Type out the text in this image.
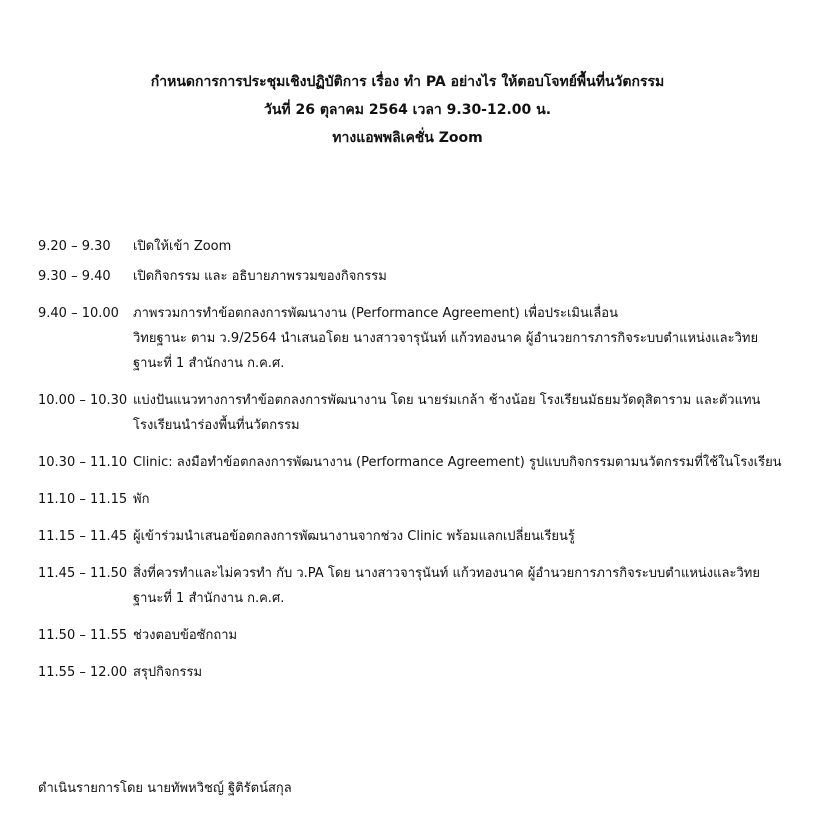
กำหนดการการประชุมเชิงปฏิบัติการ เรื่อง ทำ PA อย่างไร ให้ตอบโจทย์พื้นที่นวัตกรรม
วันที่ 26 ตุลาคม 2564 เวลา 9.30-12.00 น.
ทางแอพพลิเคชั่น Zoom
9.20 – 9.30	เปิดให้เข้า Zoom
9.30 – 9.40	เปิดกิจกรรม และ อธิบายภาพรวมของกิจกรรม
9.40 – 10.00	ภาพรวมการทำข้อตกลงการพัฒนางาน (Performance Agreement) เพื่อประเมินเลื่อน
วิทยฐานะ ตาม ว.9/2564 นำเสนอโดย นางสาวจารุนันท์ แก้วทองนาค ผู้อำนวยการภารกิจระบบตำแหน่งและวิทย
ฐานะที่ 1 สำนักงาน ก.ค.ศ.
10.00 – 10.30 แบ่งปันแนวทางการทำข้อตกลงการพัฒนางาน โดย นายร่มเกล้า ช้างน้อย โรงเรียนมัธยมวัดดุสิตาราม และตัวแทน
โรงเรียนนำร่องพื้นที่นวัตกรรม
10.30 – 11.10 Clinic: ลงมือทำข้อตกลงการพัฒนางาน (Performance Agreement) รูปแบบกิจกรรมตามนวัตกรรมที่ใช้ในโรงเรียน
11.10 – 11.15 พัก
11.15 – 11.45 ผู้เข้าร่วมนำเสนอข้อตกลงการพัฒนางานจากช่วง Clinic พร้อมแลกเปลี่ยนเรียนรู้
11.45 – 11.50 สิ่งที่ควรทำและไม่ควรทำ กับ ว.PA โดย นางสาวจารุนันท์ แก้วทองนาค ผู้อำนวยการภารกิจระบบตำแหน่งและวิทย
ฐานะที่ 1 สำนักงาน ก.ค.ศ.
11.50 – 11.55 ช่วงตอบข้อซักถาม
11.55 – 12.00 สรุปกิจกรรม
ดำเนินรายการโดย นายทัพหวิชญ์ ฐิติรัตน์สกุล
